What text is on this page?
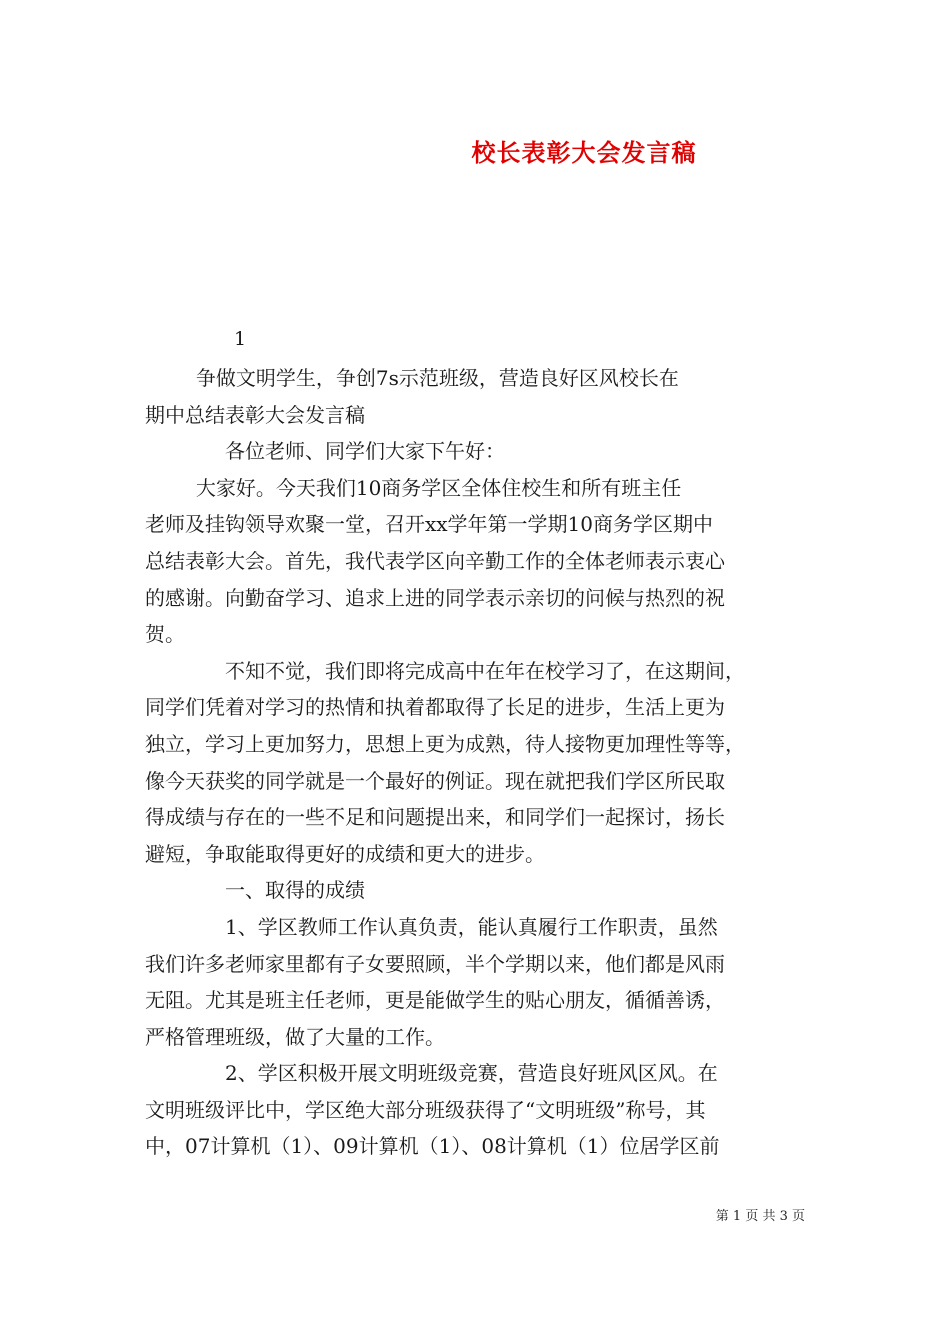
校长表彰大会发言稿
1
争做文明学生，争创7s示范班级，营造良好区风校长在
期中总结表彰大会发言稿
　　　　各位老师、同学们大家下午好：
大家好。今天我们10商务学区全体住校生和所有班主任
老师及挂钩领导欢聚一堂，召开xx学年第一学期10商务学区期中
总结表彰大会。首先，我代表学区向辛勤工作的全体老师表示衷心
的感谢。向勤奋学习、追求上进的同学表示亲切的问候与热烈的祝
贺。
　　　　不知不觉，我们即将完成高中在年在校学习了，在这期间，
同学们凭着对学习的热情和执着都取得了长足的进步，生活上更为
独立，学习上更加努力，思想上更为成熟，待人接物更加理性等等，
像今天获奖的同学就是一个最好的例证。现在就把我们学区所民取
得成绩与存在的一些不足和问题提出来，和同学们一起探讨，扬长
避短，争取能取得更好的成绩和更大的进步。
　　　　一、取得的成绩
　　　　1、学区教师工作认真负责，能认真履行工作职责，虽然
我们许多老师家里都有子女要照顾，半个学期以来，他们都是风雨
无阻。尤其是班主任老师，更是能做学生的贴心朋友，循循善诱，
严格管理班级，做了大量的工作。
　　　　2、学区积极开展文明班级竞赛，营造良好班风区风。在
文明班级评比中，学区绝大部分班级获得了“文明班级”称号，其
中，07计算机（1）、09计算机（1）、08计算机（1）位居学区前
第 1 页 共 3 页
